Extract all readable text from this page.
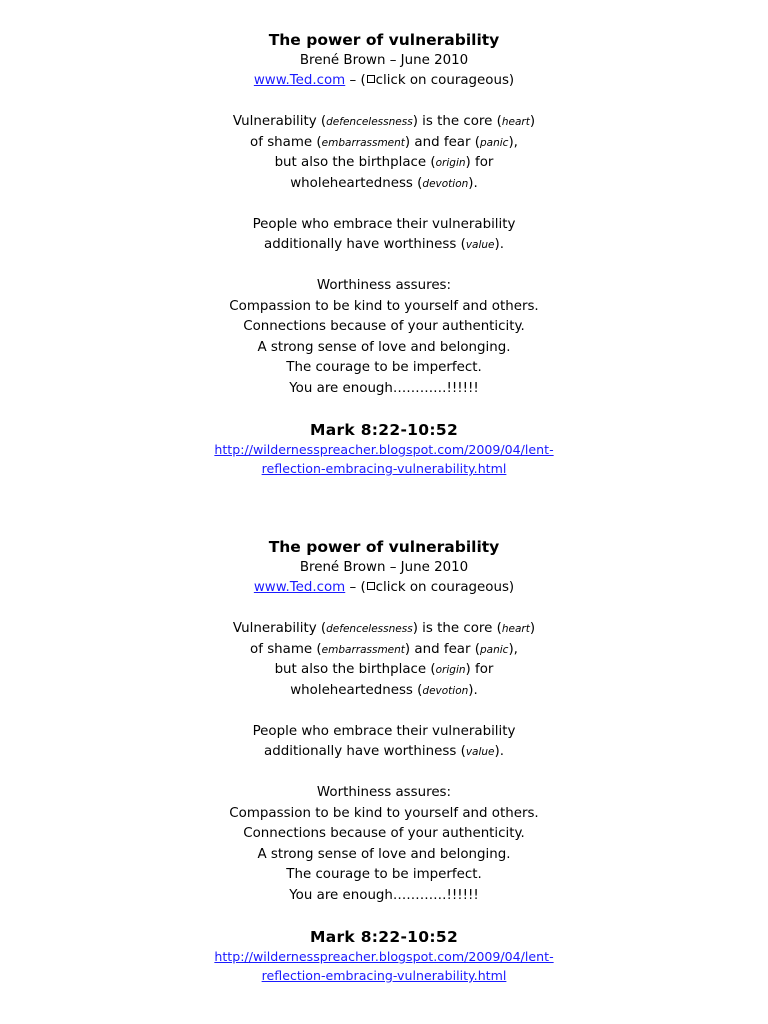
The power of vulnerability
Brené Brown – June 2010
www.Ted.com – ( click on courageous)
Vulnerability (defencelessness) is the core (heart)
of shame (embarrassment) and fear (panic),
but also the birthplace (origin) for
wholeheartedness (devotion).
People who embrace their vulnerability
additionally have worthiness (value).
Worthiness assures:
Compassion to be kind to yourself and others.
Connections because of your authenticity.
A strong sense of love and belonging.
The courage to be imperfect.
You are enough…………!!!!!!
Mark 8:22-10:52
http://wildernesspreacher.blogspot.com/2009/04/lent-
reflection-embracing-vulnerability.html
The power of vulnerability
Brené Brown – June 2010
www.Ted.com – ( click on courageous)
Vulnerability (defencelessness) is the core (heart)
of shame (embarrassment) and fear (panic),
but also the birthplace (origin) for
wholeheartedness (devotion).
People who embrace their vulnerability
additionally have worthiness (value).
Worthiness assures:
Compassion to be kind to yourself and others.
Connections because of your authenticity.
A strong sense of love and belonging.
The courage to be imperfect.
You are enough…………!!!!!!
Mark 8:22-10:52
http://wildernesspreacher.blogspot.com/2009/04/lent-
reflection-embracing-vulnerability.html
